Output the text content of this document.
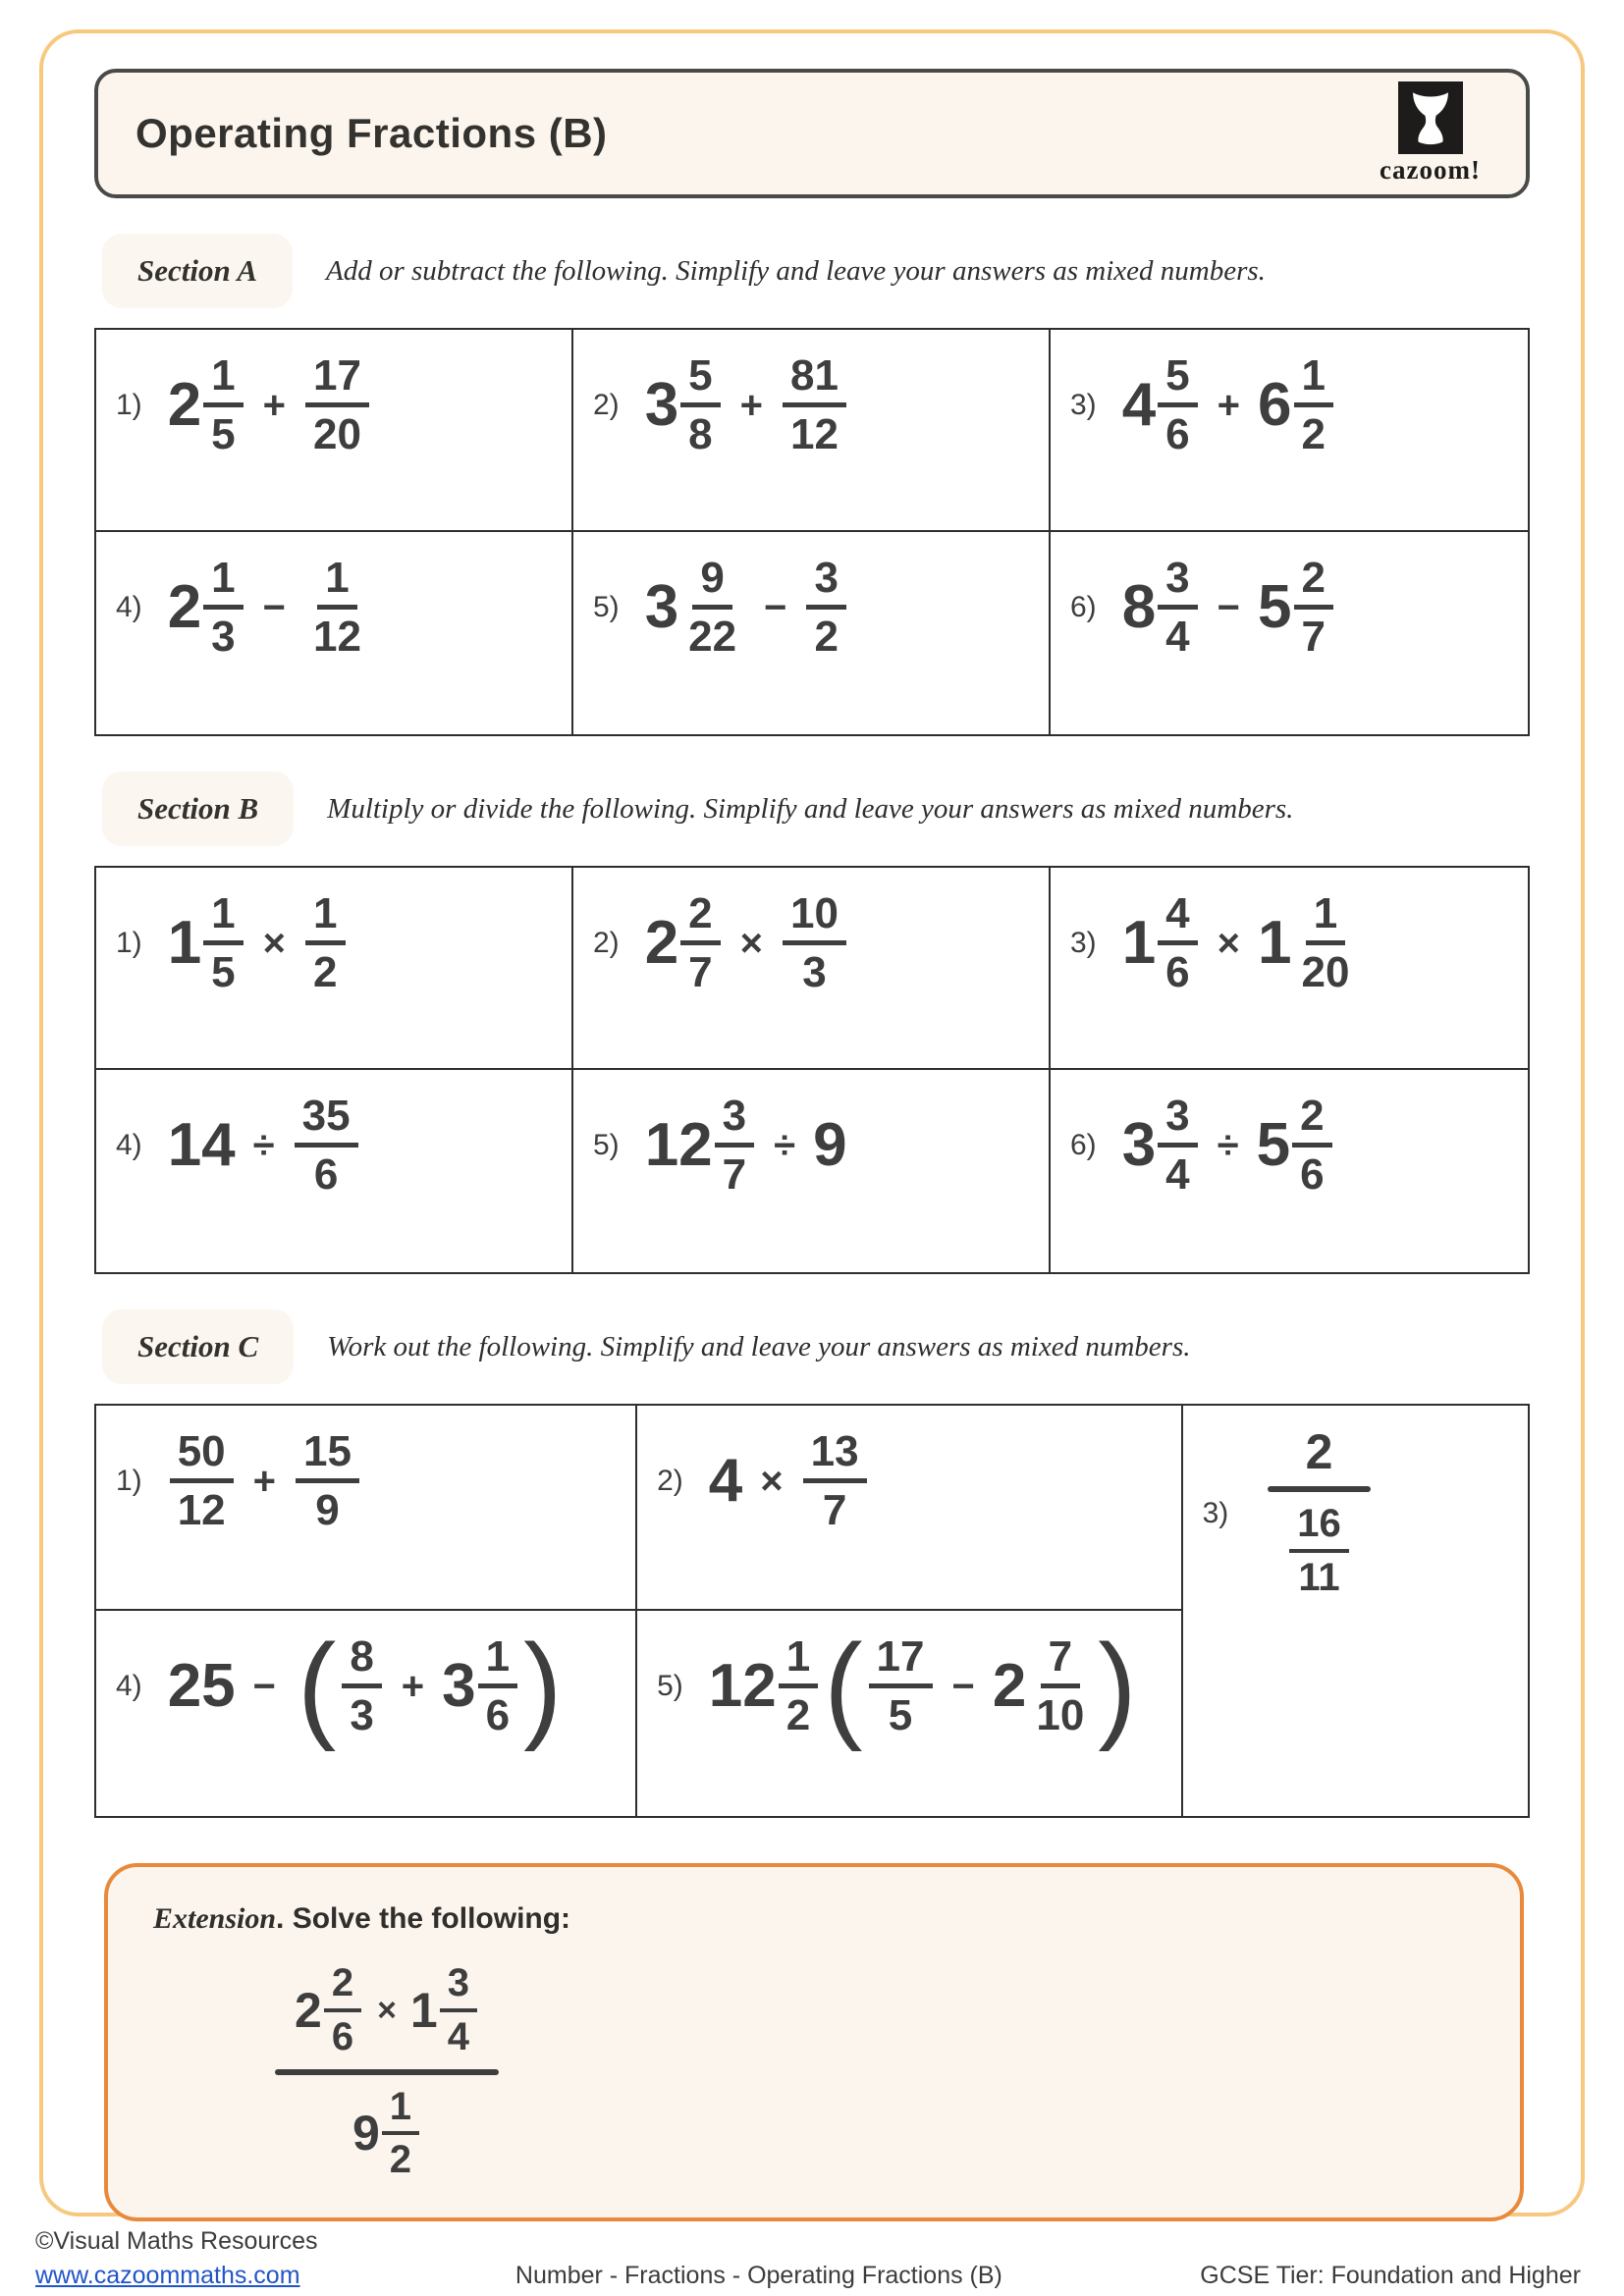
Operating Fractions (B)
cazoom!
Section A	Add or subtract the following. Simplify and leave your answers as mixed numbers.
1) $2 \frac{1}{5} + \frac{17}{20}$	2) $3 \frac{5}{8} + \frac{81}{12}$	3) $4 \frac{5}{6} + 6 \frac{1}{2}$
4) $2 \frac{1}{3} - \frac{1}{12}$	5) $3 \frac{9}{22} - \frac{3}{2}$	6) $8 \frac{3}{4} - 5 \frac{2}{7}$
Section B	Multiply or divide the following. Simplify and leave your answers as mixed numbers.
1) $1 \frac{1}{5} \times \frac{1}{2}$	2) $2 \frac{2}{7} \times \frac{10}{3}$	3) $1 \frac{4}{6} \times 1 \frac{1}{20}$
4) $14 \div \frac{35}{6}$	5) $12 \frac{3}{7} \div 9$	6) $3 \frac{3}{4} \div 5 \frac{2}{6}$
Section C	Work out the following. Simplify and leave your answers as mixed numbers.
$1) \frac{50}{12} + \frac{15}{9}$	2) $4 \times \frac{13}{7}$	3)
2
$\frac{16}{11}$
4) 25 − ( $\frac{8}{3} + 3 \frac{1}{6}$ )	5) $12 \frac{1}{2}$ ( $\frac{17}{5} - 2 \frac{7}{10}$ )
Extension. Solve the following:
$2 \frac{2}{6} \times 1 \frac{3}{4}$
$9 \frac{1}{2}$
©Visual Maths Resources
www.cazoommaths.com	Number - Fractions - Operating Fractions (B)	GCSE Tier: Foundation and Higher
